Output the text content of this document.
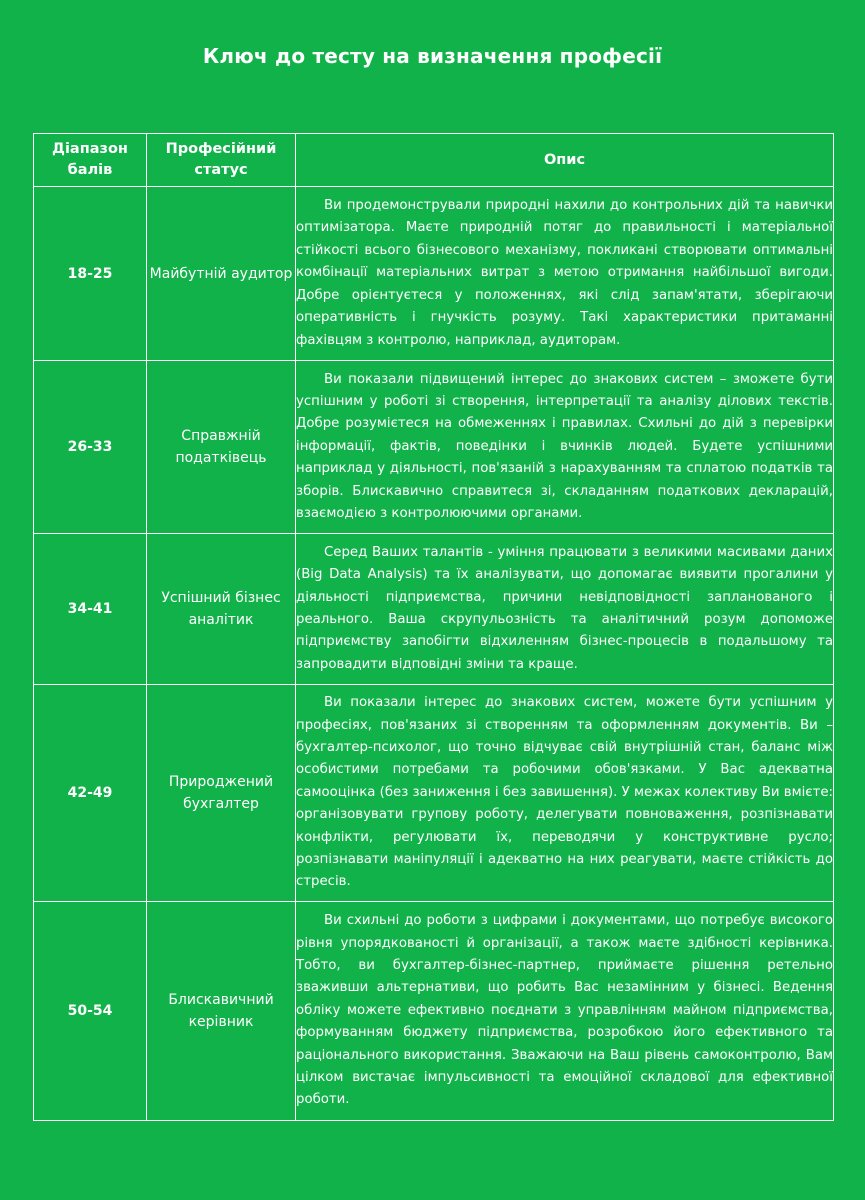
Ключ до тесту на визначення професії
Діапазон балів	Професійний статус	Опис
18-25	Майбутній аудитор	Ви продемонстрували природні нахили до контрольних дій та навички оптимізатора. Маєте природній потяг до правильності і матеріальної стійкості всього бізнесового механізму, покликані створювати оптимальні комбінації матеріальних витрат з метою отримання найбільшої вигоди. Добре орієнтуєтеся у положеннях, які слід запам'ятати, зберігаючи оперативність і гнучкість розуму. Такі характеристики притаманні фахівцям з контролю, наприклад, аудиторам.
26-33	Справжній податківець	Ви показали підвищений інтерес до знакових систем – зможете бути успішним у роботі зі створення, інтерпретації та аналізу ділових текстів. Добре розумієтеся на обмеженнях і правилах. Схильні до дій з перевірки інформації, фактів, поведінки і вчинків людей. Будете успішними наприклад у діяльності, пов'язаній з нарахуванням та сплатою податків та зборів. Блискавично справитеся зі, складанням податкових декларацій, взаємодією з контролюючими органами.
34-41	Успішний бізнес аналітик	Серед Ваших талантів - уміння працювати з великими масивами даних (Big Data Analysis) та їх аналізувати, що допомагає виявити прогалини у діяльності підприємства, причини невідповідності запланованого і реального. Ваша скрупульозність та аналітичний розум допоможе підприємству запобігти відхиленням бізнес-процесів в подальшому та запровадити відповідні зміни та краще.
42-49	Природжений бухгалтер	Ви показали інтерес до знакових систем, можете бути успішним у професіях, пов'язаних зі створенням та оформленням документів. Ви – бухгалтер-психолог, що точно відчуває свій внутрішній стан, баланс між особистими потребами та робочими обов'язками. У Вас адекватна самооцінка (без заниження і без завишення). У межах колективу Ви вмієте: організовувати групову роботу, делегувати повноваження, розпізнавати конфлікти, регулювати їх, переводячи у конструктивне русло; розпізнавати маніпуляції і адекватно на них реагувати, маєте стійкість до стресів.
50-54	Блискавичний керівник	Ви схильні до роботи з цифрами і документами, що потребує високого рівня упорядкованості й організації, а також маєте здібності керівника. Тобто, ви бухгалтер-бізнес-партнер, приймаєте рішення ретельно зваживши альтернативи, що робить Вас незамінним у бізнесі. Ведення обліку можете ефективно поєднати з управлінням майном підприємства, формуванням бюджету підприємства, розробкою його ефективного та раціонального використання. Зважаючи на Ваш рівень самоконтролю, Вам цілком вистачає імпульсивності та емоційної складової для ефективної роботи.
